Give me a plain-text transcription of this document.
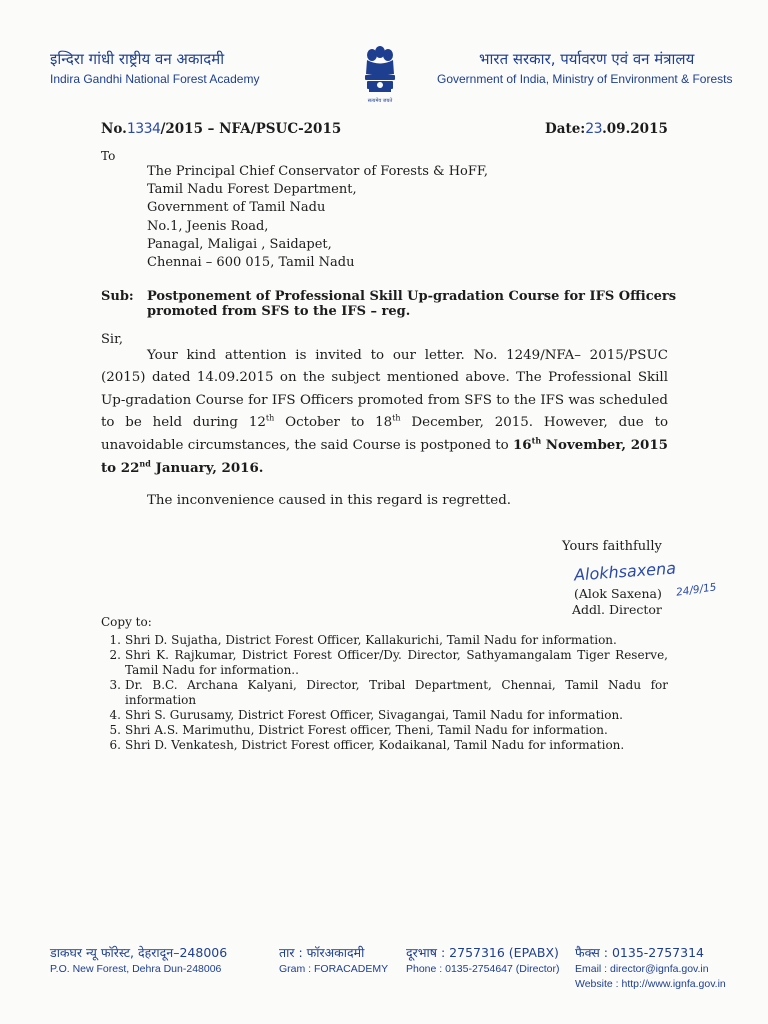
इन्दिरा गांधी राष्ट्रीय वन अकादमी
Indira Gandhi National Forest Academy
सत्यमेव जयते
भारत सरकार, पर्यावरण एवं वन मंत्रालय
Government of India, Ministry of Environment & Forests
No.1334/2015 – NFA/PSUC-2015	Date:23.09.2015
To
The Principal Chief Conservator of Forests & HoFF,
Tamil Nadu Forest Department,
Government of Tamil Nadu
No.1, Jeenis Road,
Panagal, Maligai , Saidapet,
Chennai – 600 015, Tamil Nadu
Sub: Postponement of Professional Skill Up-gradation Course for IFS Officers
promoted from SFS to the IFS – reg.
Sir,
Your kind attention is invited to our letter. No. 1249/NFA– 2015/PSUC (2015) dated 14.09.2015 on the subject mentioned above. The Professional Skill Up-gradation Course for IFS Officers promoted from SFS to the IFS was scheduled to be held during 12th October to 18th December, 2015. However, due to unavoidable circumstances, the said Course is postponed to 16th November, 2015 to 22nd January, 2016.
The inconvenience caused in this regard is regretted.
Yours faithfully
Alokhsaxena
(Alok Saxena) 24/9/15
Addl. Director
Copy to:
1. Shri D. Sujatha, District Forest Officer, Kallakurichi, Tamil Nadu for information.
2. Shri K. Rajkumar, District Forest Officer/Dy. Director, Sathyamangalam Tiger Reserve, Tamil Nadu for information..
3. Dr. B.C. Archana Kalyani, Director, Tribal Department, Chennai, Tamil Nadu for information
4. Shri S. Gurusamy, District Forest Officer, Sivagangai, Tamil Nadu for information.
5. Shri A.S. Marimuthu, District Forest officer, Theni, Tamil Nadu for information.
6. Shri D. Venkatesh, District Forest officer, Kodaikanal, Tamil Nadu for information.
डाकघर न्यू फॉरेस्ट, देहरादून–248006
P.O. New Forest, Dehra Dun-248006
तार : फॉरअकादमी
Gram : FORACADEMY
दूरभाष : 2757316 (EPABX)
Phone : 0135-2754647 (Director)
फैक्स : 0135-2757314
Email : director@ignfa.gov.in
Website : http://www.ignfa.gov.in
